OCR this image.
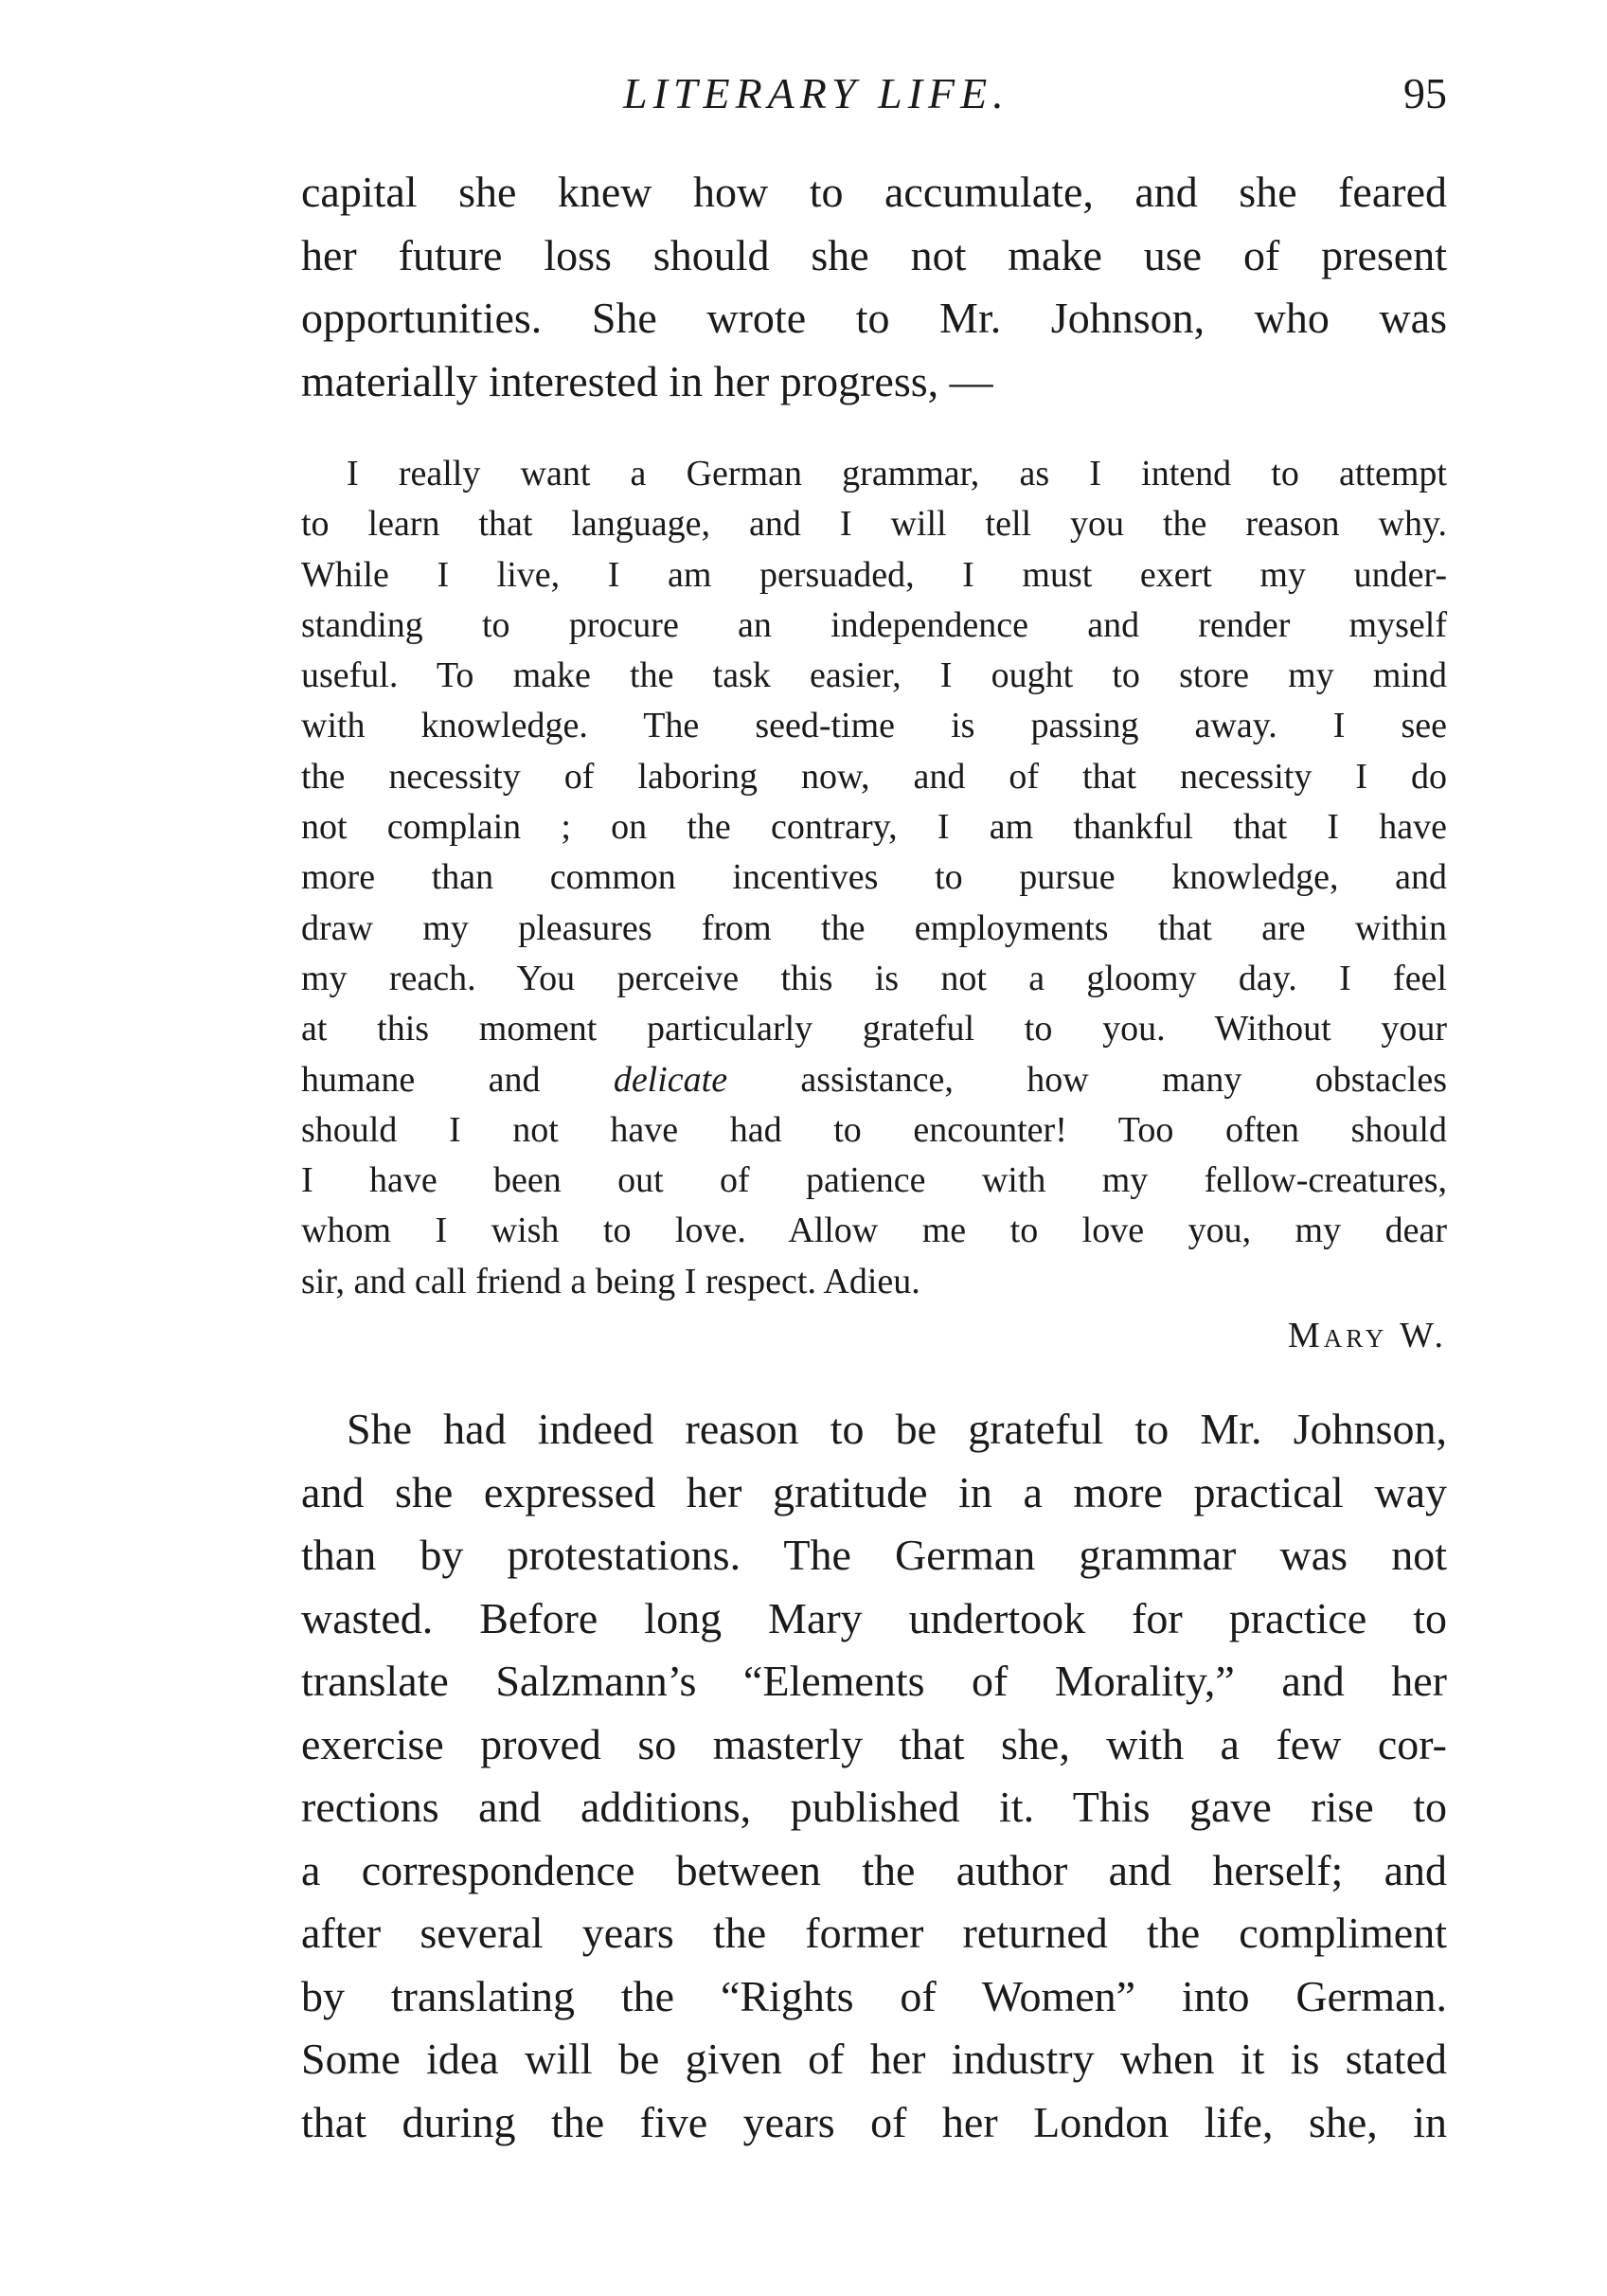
LITERARY LIFE.	95
capital she knew how to accumulate, and she feared
her future loss should she not make use of present
opportunities. She wrote to Mr. Johnson, who was
materially interested in her progress, —
I really want a German grammar, as I intend to attempt
to learn that language, and I will tell you the reason why.
While I live, I am persuaded, I must exert my under-
standing to procure an independence and render myself
useful. To make the task easier, I ought to store my mind
with knowledge. The seed-time is passing away. I see
the necessity of laboring now, and of that necessity I do
not complain ; on the contrary, I am thankful that I have
more than common incentives to pursue knowledge, and
draw my pleasures from the employments that are within
my reach. You perceive this is not a gloomy day. I feel
at this moment particularly grateful to you. Without your
humane and delicate assistance, how many obstacles
should I not have had to encounter! Too often should
I have been out of patience with my fellow-creatures,
whom I wish to love. Allow me to love you, my dear
sir, and call friend a being I respect. Adieu.
Mary W.
She had indeed reason to be grateful to Mr. Johnson,
and she expressed her gratitude in a more practical way
than by protestations. The German grammar was not
wasted. Before long Mary undertook for practice to
translate Salzmann’s “Elements of Morality,” and her
exercise proved so masterly that she, with a few cor-
rections and additions, published it. This gave rise to
a correspondence between the author and herself; and
after several years the former returned the compliment
by translating the “Rights of Women” into German.
Some idea will be given of her industry when it is stated
that during the five years of her London life, she, in
